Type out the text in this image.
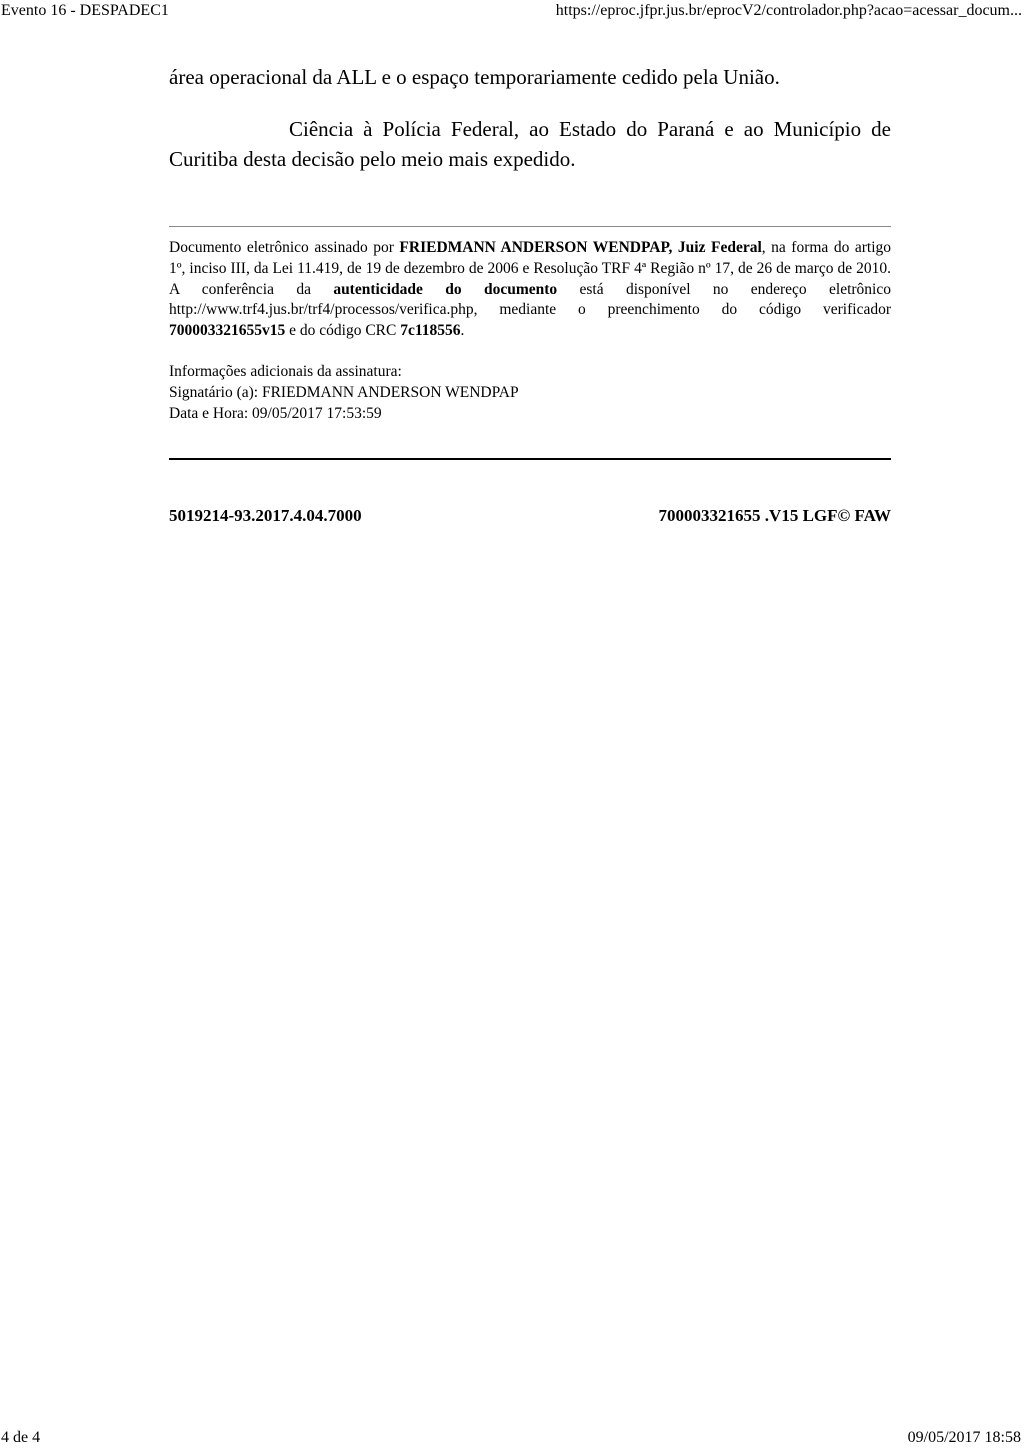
Evento 16 - DESPADEC1	https://eproc.jfpr.jus.br/eprocV2/controlador.php?acao=acessar_docum...

área operacional da ALL e o espaço temporariamente cedido pela União.

Ciência à Polícia Federal, ao Estado do Paraná e ao Município de Curitiba desta decisão pelo meio mais expedido.

Documento eletrônico assinado por FRIEDMANN ANDERSON WENDPAP, Juiz Federal, na forma do artigo 1º, inciso III, da Lei 11.419, de 19 de dezembro de 2006 e Resolução TRF 4ª Região nº 17, de 26 de março de 2010. A conferência da autenticidade do documento está disponível no endereço eletrônico http://www.trf4.jus.br/trf4/processos/verifica.php, mediante o preenchimento do código verificador 700003321655v15 e do código CRC 7c118556.

Informações adicionais da assinatura:
Signatário (a): FRIEDMANN ANDERSON WENDPAP
Data e Hora: 09/05/2017 17:53:59
5019214-93.2017.4.04.7000	700003321655 .V15 LGF© FAW
4 de 4	09/05/2017 18:58
